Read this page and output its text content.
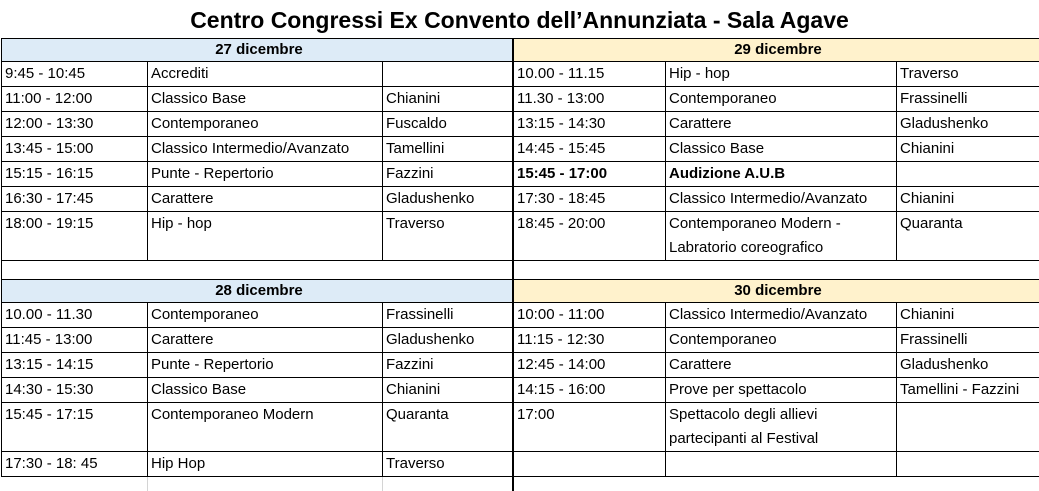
Centro Congressi Ex Convento dell’Annunziata - Sala Agave
27 dicembre		
9:45 - 10:45	Accrediti	
11:00 - 12:00	Classico Base	Chianini
12:00 - 13:30	Contemporaneo	Fuscaldo
13:45 - 15:00	Classico Intermedio/Avanzato	Tamellini
15:15 - 16:15	Punte - Repertorio	Fazzini
16:30 - 17:45	Carattere	Gladushenko
18:00 - 19:15	Hip - hop	Traverso

29 dicembre		
10.00 - 11.15	Hip - hop	Traverso
11.30 - 13:00	Contemporaneo	Frassinelli
13:15 - 14:30	Carattere	Gladushenko
14:45 - 15:45	Classico Base	Chianini
15:45 - 17:00	Audizione A.U.B	
17:30 - 18:45	Classico Intermedio/Avanzato	Chianini
18:45 - 20:00	Contemporaneo Modern - Labratorio coreografico	Quaranta

28 dicembre		
10.00 - 11.30	Contemporaneo	Frassinelli
11:45 - 13:00	Carattere	Gladushenko
13:15 - 14:15	Punte - Repertorio	Fazzini
14:30 - 15:30	Classico Base	Chianini
15:45 - 17:15	Contemporaneo Modern	Quaranta
17:30 - 18: 45	Hip Hop	Traverso
30 dicembre		
10:00 - 11:00	Classico Intermedio/Avanzato	Chianini
11:15 - 12:30	Contemporaneo	Frassinelli
12:45 - 14:00	Carattere	Gladushenko
14:15 - 16:00	Prove per spettacolo	Tamellini - Fazzini
17:00	Spettacolo degli allievi partecipanti al Festival	
